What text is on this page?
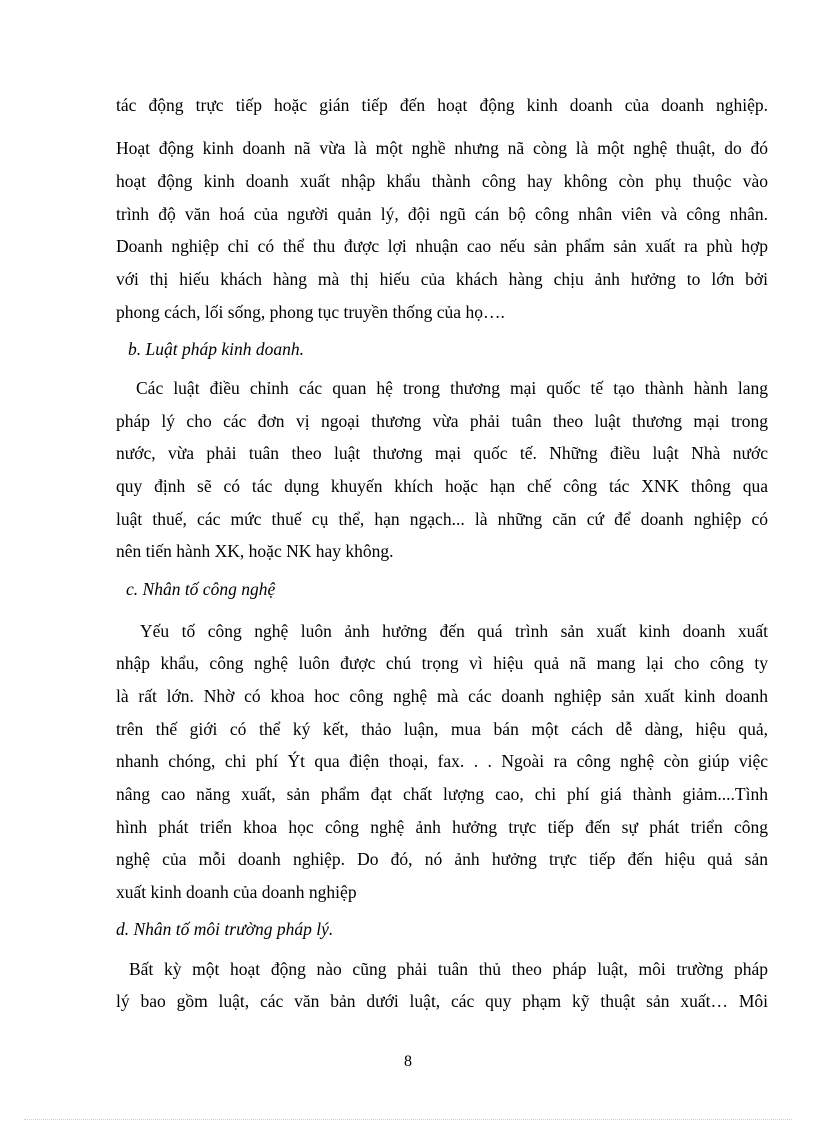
tác động trực tiếp hoặc gián tiếp đến hoạt động kinh doanh của doanh nghiệp.
Hoạt động kinh doanh nã vừa là một nghề nhưng nã còng là một nghệ thuật, do đó
hoạt động kinh doanh xuất nhập khẩu thành công hay không còn phụ thuộc vào
trình độ văn hoá của người quản lý, đội ngũ cán bộ công nhân viên và công nhân.
Doanh nghiệp chỉ có thể thu được lợi nhuận cao nếu sản phẩm sản xuất ra phù hợp
với thị hiếu khách hàng mà thị hiếu của khách hàng chịu ảnh hưởng to lớn bởi
phong cách, lối sống, phong tục truyền thống của họ….
b. Luật pháp kinh doanh.
Các luật điều chỉnh các quan hệ trong thương mại quốc tế tạo thành hành lang
pháp lý cho các đơn vị ngoại thương vừa phải tuân theo luật thương mại trong
nước, vừa phải tuân theo luật thương mại quốc tế. Những điều luật Nhà nước
quy định sẽ có tác dụng khuyến khích hoặc hạn chế công tác XNK thông qua
luật thuế, các mức thuế cụ thể, hạn ngạch... là những căn cứ để doanh nghiệp có
nên tiến hành XK, hoặc NK hay không.
c. Nhân tố công nghệ
Yếu tố công nghệ luôn ảnh hưởng đến quá trình sản xuất kinh doanh xuất
nhập khẩu, công nghệ luôn được chú trọng vì hiệu quả nã mang lại cho công ty
là rất lớn. Nhờ có khoa hoc công nghệ mà các doanh nghiệp sản xuất kinh doanh
trên thế giới có thể ký kết, thảo luận, mua bán một cách dễ dàng, hiệu quả,
nhanh chóng, chi phí Ýt qua điện thoại, fax. . . Ngoài ra công nghệ còn giúp việc
nâng cao năng xuất, sản phẩm đạt chất lượng cao, chi phí giá thành giảm....Tình
hình phát triển khoa học công nghệ ảnh hưởng trực tiếp đến sự phát triển công
nghệ của mỗi doanh nghiệp. Do đó, nó ảnh hưởng trực tiếp đến hiệu quả sản
xuất kinh doanh của doanh nghiệp
d. Nhân tố môi trường pháp lý.
Bất kỳ một hoạt động nào cũng phải tuân thủ theo pháp luật, môi trường pháp
lý bao gồm luật, các văn bản dưới luật, các quy phạm kỹ thuật sản xuất… Môi
8
